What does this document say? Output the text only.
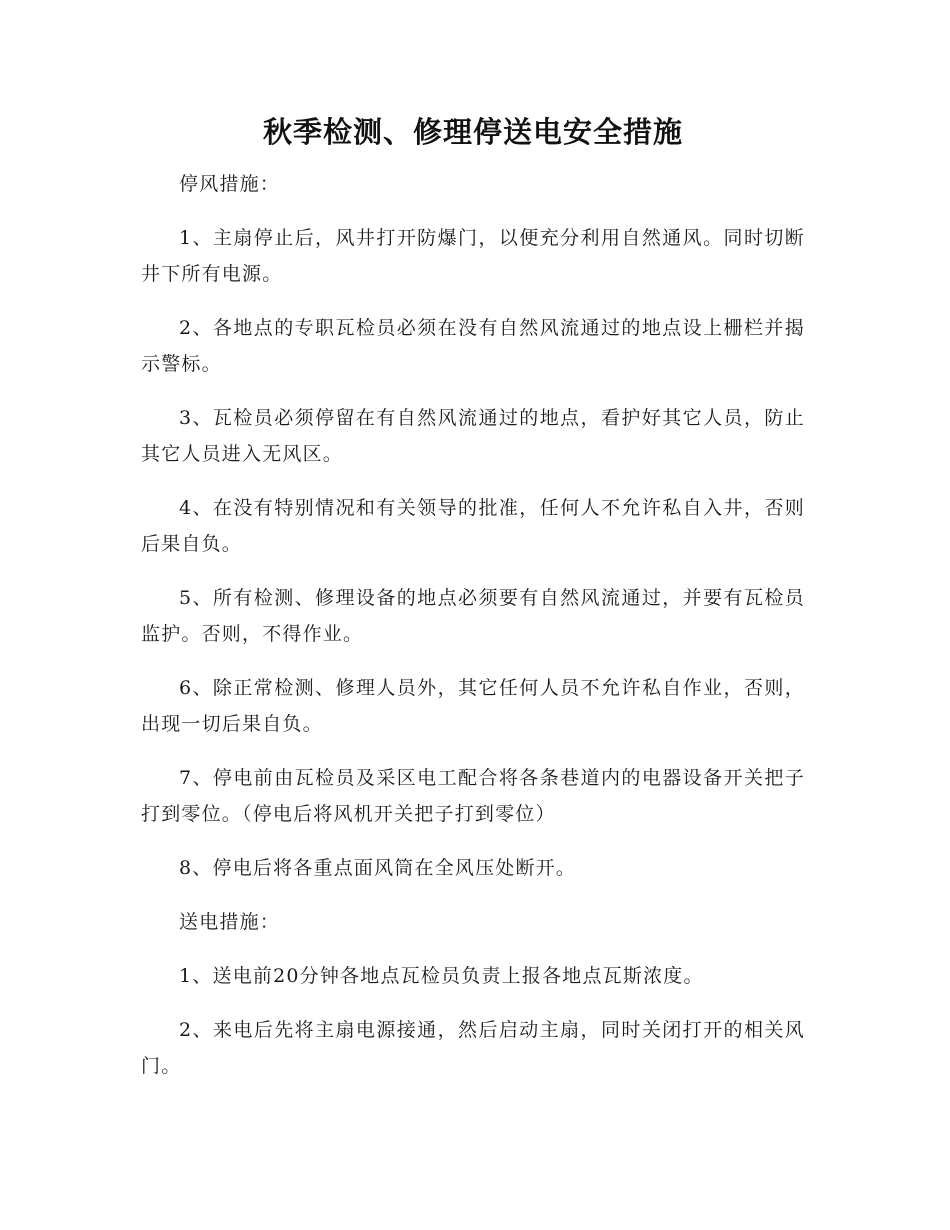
秋季检测、修理停送电安全措施

停风措施：

1、主扇停止后，风井打开防爆门，以便充分利用自然通风。同时切断井下所有电源。

2、各地点的专职瓦检员必须在没有自然风流通过的地点设上栅栏并揭示警标。

3、瓦检员必须停留在有自然风流通过的地点，看护好其它人员，防止其它人员进入无风区。

4、在没有特别情况和有关领导的批准，任何人不允许私自入井，否则后果自负。

5、所有检测、修理设备的地点必须要有自然风流通过，并要有瓦检员监护。否则，不得作业。

6、除正常检测、修理人员外，其它任何人员不允许私自作业，否则，出现一切后果自负。

7、停电前由瓦检员及采区电工配合将各条巷道内的电器设备开关把子打到零位。（停电后将风机开关把子打到零位）

8、停电后将各重点面风筒在全风压处断开。

送电措施：

1、送电前20分钟各地点瓦检员负责上报各地点瓦斯浓度。

2、来电后先将主扇电源接通，然后启动主扇，同时关闭打开的相关风门。
